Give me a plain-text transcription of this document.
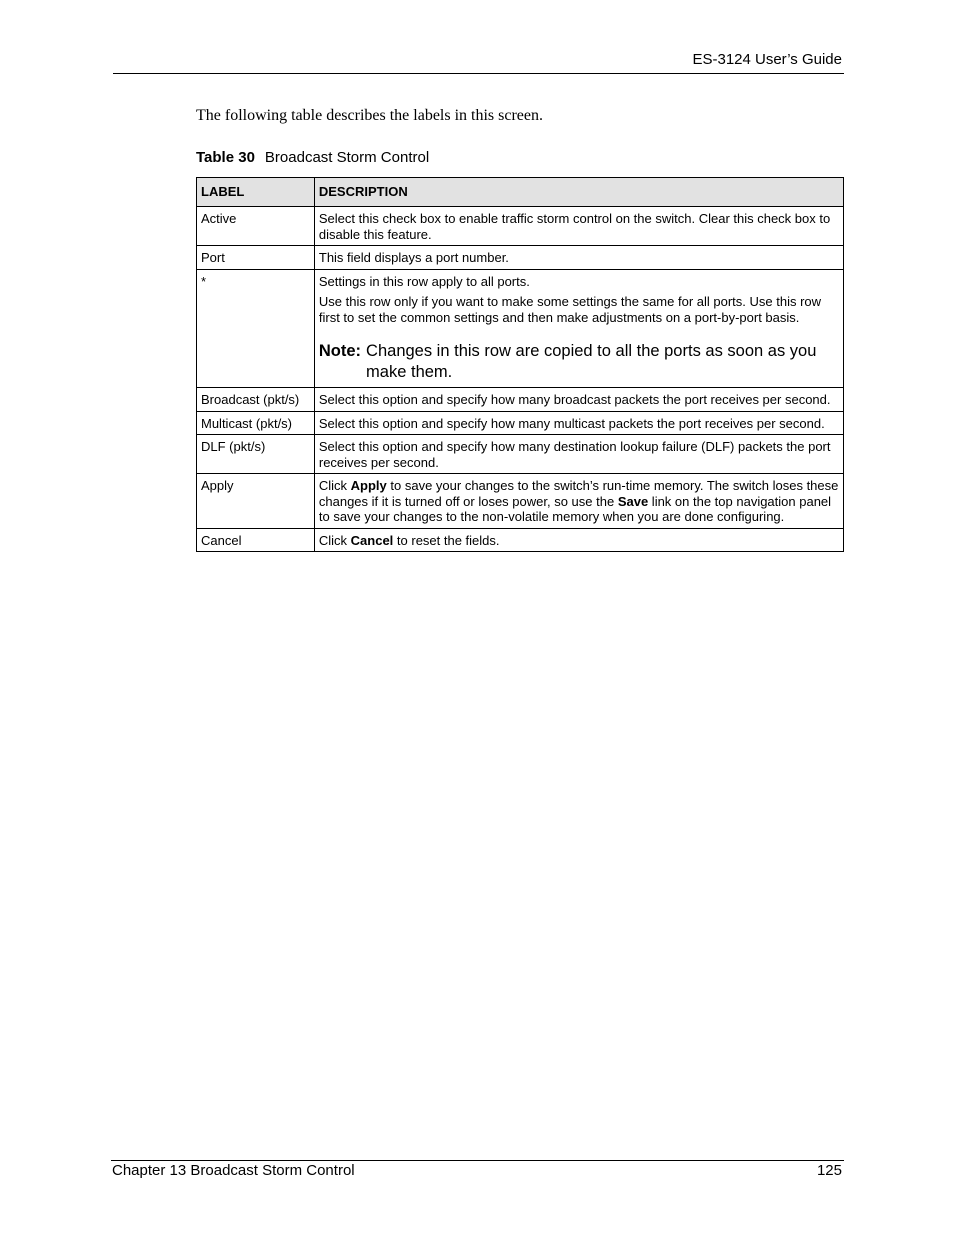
ES-3124 User’s Guide
The following table describes the labels in this screen.
Table 30 Broadcast Storm Control
LABEL	DESCRIPTION
Active	Select this check box to enable traffic storm control on the switch. Clear this check box to disable this feature.

Port	This field displays a port number.

*	Settings in this row apply to all ports.

Use this row only if you want to make some settings the same for all ports. Use this row first to set the common settings and then make adjustments on a port-by-port basis.

Note: Changes in this row are copied to all the ports as soon as you make them.

Broadcast (pkt/s)	Select this option and specify how many broadcast packets the port receives per second.

Multicast (pkt/s)	Select this option and specify how many multicast packets the port receives per second.

DLF (pkt/s)	Select this option and specify how many destination lookup failure (DLF) packets the port receives per second.

Apply	Click Apply to save your changes to the switch’s run-time memory. The switch loses these changes if it is turned off or loses power, so use the Save link on the top navigation panel to save your changes to the non-volatile memory when you are done configuring.

Cancel	Click Cancel to reset the fields.

Chapter 13 Broadcast Storm Control	125
